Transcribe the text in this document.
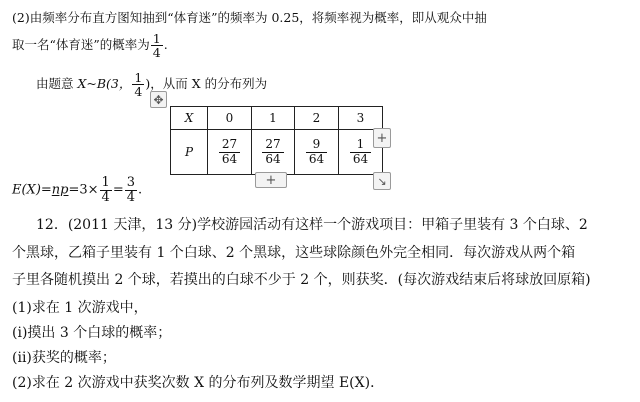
(2)由频率分布直方图知抽到“体育迷”的频率为 0.25，将频率视为概率，即从观众中抽
取一名“体育迷”的概率为 $\frac{1}{4}$ .
由题意 X~B(3， $\frac{1}{4}$ )，从而 X 的分布列为
✥
X	0	1	2	3
P	$\frac{27}{64}$	$\frac{27}{64}$	$\frac{9}{64}$	$\frac{1}{64}$ +
+	↘
$E(X)=np=3\times \frac{1}{4} = \frac{3}{4}$ .
12．(2011 天津，13 分)学校游园活动有这样一个游戏项目：甲箱子里装有 3 个白球、2
个黑球，乙箱子里装有 1 个白球、2 个黑球，这些球除颜色外完全相同．每次游戏从两个箱
子里各随机摸出 2 个球，若摸出的白球不少于 2 个，则获奖．(每次游戏结束后将球放回原箱)
(1)求在 1 次游戏中，
(ⅰ)摸出 3 个白球的概率；
(ⅱ)获奖的概率；
(2)求在 2 次游戏中获奖次数 X 的分布列及数学期望 E(X)．
